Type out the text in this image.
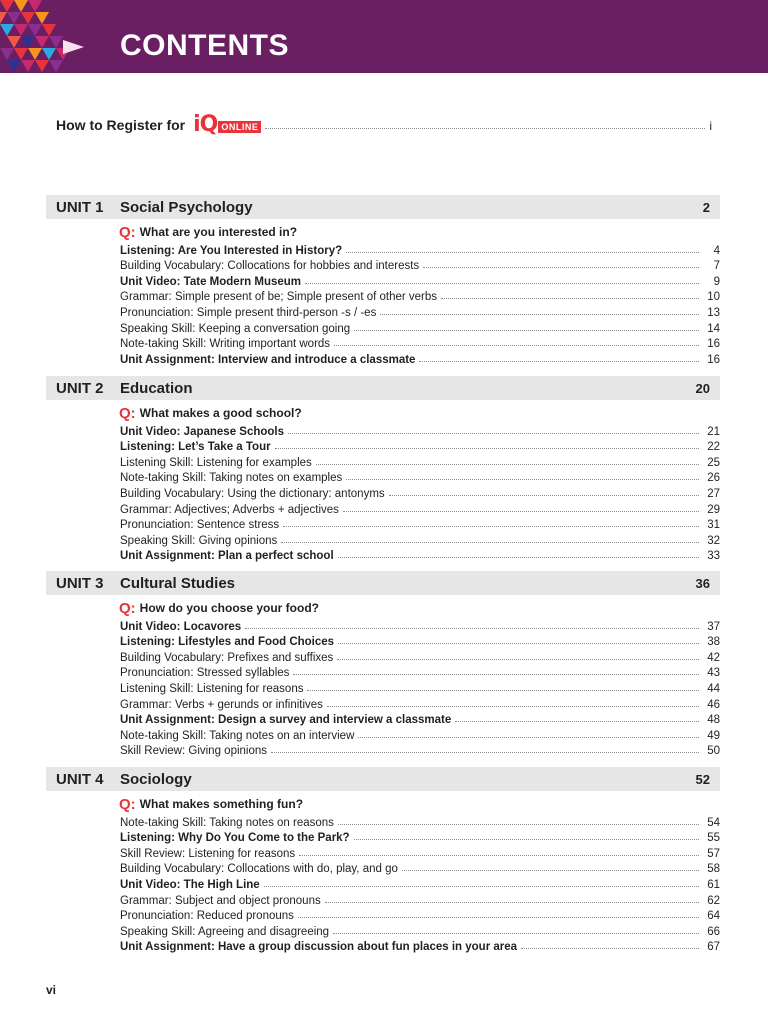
CONTENTS
How to Register for iQ ONLINE	i
UNIT 1	Social Psychology	2
Q: What are you interested in?
Listening: Are You Interested in History?	4
Building Vocabulary: Collocations for hobbies and interests	7
Unit Video: Tate Modern Museum	9
Grammar: Simple present of be; Simple present of other verbs	10
Pronunciation: Simple present third-person -s / -es	13
Speaking Skill: Keeping a conversation going	14
Note-taking Skill: Writing important words	16
Unit Assignment: Interview and introduce a classmate	16
UNIT 2	Education	20
Q: What makes a good school?
Unit Video: Japanese Schools	21
Listening: Let’s Take a Tour	22
Listening Skill: Listening for examples	25
Note-taking Skill: Taking notes on examples	26
Building Vocabulary: Using the dictionary: antonyms	27
Grammar: Adjectives; Adverbs + adjectives	29
Pronunciation: Sentence stress	31
Speaking Skill: Giving opinions	32
Unit Assignment: Plan a perfect school	33
UNIT 3	Cultural Studies	36
Q: How do you choose your food?
Unit Video: Locavores	37
Listening: Lifestyles and Food Choices	38
Building Vocabulary: Prefixes and suffixes	42
Pronunciation: Stressed syllables	43
Listening Skill: Listening for reasons	44
Grammar: Verbs + gerunds or infinitives	46
Unit Assignment: Design a survey and interview a classmate	48
Note-taking Skill: Taking notes on an interview	49
Skill Review: Giving opinions	50
UNIT 4	Sociology	52
Q: What makes something fun?
Note-taking Skill: Taking notes on reasons	54
Listening: Why Do You Come to the Park?	55
Skill Review: Listening for reasons	57
Building Vocabulary: Collocations with do, play, and go	58
Unit Video: The High Line	61
Grammar: Subject and object pronouns	62
Pronunciation: Reduced pronouns	64
Speaking Skill: Agreeing and disagreeing	66
Unit Assignment: Have a group discussion about fun places in your area	67
vi
